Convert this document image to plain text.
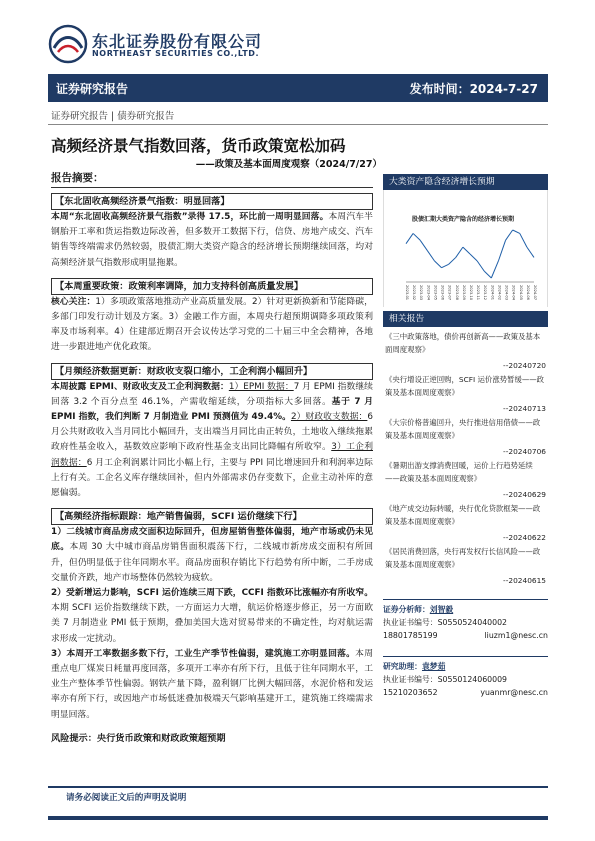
东北证券股份有限公司
NORTHEAST SECURITIES CO.,LTD.
证券研究报告	发布时间：2024-7-27
证券研究报告 | 债券研究报告
高频经济景气指数回落，货币政策宽松加码
——政策及基本面周度观察（2024/7/27）
报告摘要：
【东北固收高频经济景气指数：明显回落】
本周“东北固收高频经济景气指数”录得 17.5，环比前一周明显回落。本周汽车半钢胎开工率和货运指数边际改善，但多数开工数据下行，信贷、房地产成交、汽车销售等终端需求仍然较弱，股债汇期大类资产隐含的经济增长预期继续回落，均对高频经济景气指数形成明显拖累。
【本周重要政策：政策利率调降，加力支持科创高质量发展】
核心关注：1）多项政策落地推动产业高质量发展。2）针对更新换新和节能降碳，多部门印发行动计划及方案。3）金融工作方面，本周央行超预期调降多项政策利率及市场利率。4）住建部近期召开会议传达学习党的二十届三中全会精神，各地进一步跟进地产优化政策。
【月频经济数据更新：财政收支裂口缩小，工企利润小幅回升】
本周披露 EPMI、财政收支及工企利润数据：1）EPMI 数据：7 月 EPMI 指数继续回落 3.2 个百分点至 46.1%，产需收缩延续，分项指标大多回落。基于 7 月 EPMI 指数，我们判断 7 月制造业 PMI 预测值为 49.4%。2）财政收支数据：6 月公共财政收入当月同比小幅回升，支出端当月同比由正转负，土地收入继续拖累政府性基金收入，基数效应影响下政府性基金支出同比降幅有所收窄。3）工企利润数据：6 月工企利润累计同比小幅上行，主要与 PPI 同比增速回升和利润率边际上行有关。工企名义库存继续回补，但内外部需求仍存变数下，企业主动补库的意愿偏弱。
【高频经济指标跟踪：地产销售偏弱，SCFI 运价继续下行】
1）二线城市商品房成交面积边际回升，但房屋销售整体偏弱，地产市场或仍未见底。本周 30 大中城市商品房销售面积震荡下行，二线城市新房成交面积有所回升，但仍明显低于往年同期水平。商品房面积存销比下行趋势有所中断，二手房成交量价齐跌，地产市场整体仍然较为疲软。
2）受新增运力影响，SCFI 运价连续三周下跌，CCFI 指数环比涨幅亦有所收窄。本期 SCFI 运价指数继续下跌，一方面运力大增，航运价格逐步修正，另一方面欧美 7 月制造业 PMI 低于预期，叠加美国大选对贸易带来的不确定性，均对航运需求形成一定扰动。
3）本周开工率数据多数下行，工业生产季节性偏弱，建筑施工亦明显回落。本周重点电厂煤炭日耗量再度回落，多项开工率亦有所下行，且低于往年同期水平，工业生产整体季节性偏弱。钢铁产量下降，盈利钢厂比例大幅回落，水泥价格和发运率亦有所下行，或因地产市场低迷叠加极端天气影响基建开工，建筑施工终端需求明显回落。
风险提示：央行货币政策和财政政策超预期
大类资产隐含经济增长预期
股债汇期大类资产隐含的经济增长预期
2023-01 2023-02 2023-03 2023-04 2023-05 2023-06 2023-07 2023-08 2023-09 2023-10 2023-11 2023-12 2024-01 2024-02 2024-03 2024-04 2024-05 2024-06 2024-07
相关报告
《三中政策落地，债价再创新高——政策及基本面周度观察》
--20240720
《央行增设正逆回购，SCFI 运价涨势暂缓——政策及基本面周度观察》
--20240713
《大宗价格普遍回升，央行推进信用借债——政策及基本面周度观察》
--20240706
《暑期出游支撑消费回暖，运价上行趋势延续——政策及基本面周度观察》
--20240629
《地产成交边际转暖，央行优化贷款框架——政策及基本面周度观察》
--20240622
《居民消费回落，央行再发权行长信风险——政策及基本面周度观察》
--20240615
证券分析师：刘智毅
执业证书编号：S0550524040002
18801785199	liuzm1@nesc.cn
研究助理：袁梦茹
执业证书编号：S0550124060009
15210203652	yuanmr@nesc.cn
请务必阅读正文后的声明及说明
